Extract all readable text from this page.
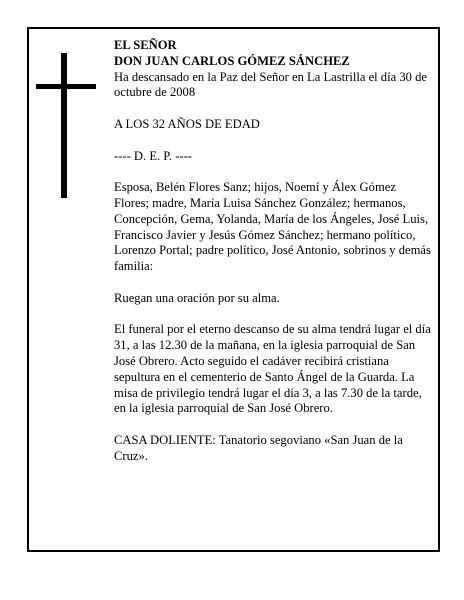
EL SEÑOR

DON JUAN CARLOS GÓMEZ SÁNCHEZ

Ha descansado en la Paz del Señor en La Lastrilla el día 30 de octubre de 2008

A LOS 32 AÑOS DE EDAD

---- D. E. P. ----

Esposa, Belén Flores Sanz; hijos, Noemí y Álex Gómez Flores; madre, María Luisa Sánchez González; hermanos, Concepción, Gema, Yolanda, María de los Ángeles, José Luis, Francisco Javier y Jesús Gómez Sánchez; hermano político, Lorenzo Portal; padre político, José Antonio, sobrinos y demás familia:

Ruegan una oración por su alma.

El funeral por el eterno descanso de su alma tendrá lugar el día 31, a las 12.30 de la mañana, en la iglesia parroquial de San José Obrero. Acto seguido el cadáver recibirá cristiana sepultura en el cementerio de Santo Ángel de la Guarda. La misa de privilegio tendrá lugar el día 3, a las 7.30 de la tarde, en la iglesia parroquial de San José Obrero.

CASA DOLIENTE: Tanatorio segoviano «San Juan de la Cruz».
